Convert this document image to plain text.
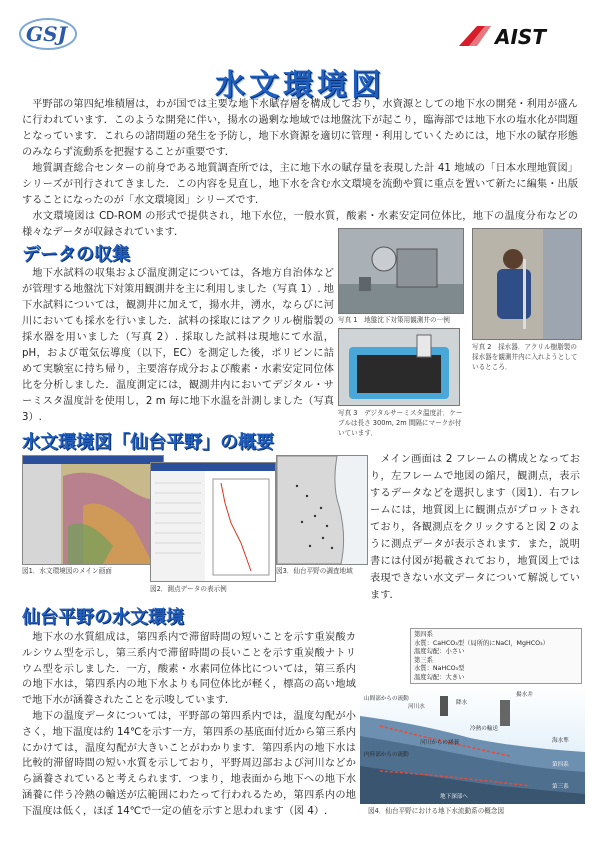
GSJ	AIST
水文環境図

平野部の第四紀堆積層は，わが国では主要な地下水賦存層を構成しており，水資源としての地下水の開発・利用が盛んに行われています．このような開発に伴い，揚水の過剰な地域では地盤沈下が起こり，臨海部では地下水の塩水化が問題となっています．これらの諸問題の発生を予防し，地下水資源を適切に管理・利用していくためには，地下水の賦存形態のみならず流動系を把握することが重要です．

地質調査総合センターの前身である地質調査所では，主に地下水の賦存量を表現した計 41 地域の「日本水理地質図」シリーズが刊行されてきました．この内容を見直し，地下水を含む水文環境を流動や質に重点を置いて新たに編集・出版することになったのが「水文環境図」シリーズです．

水文環境図は CD-ROM の形式で提供され，地下水位，一般水質，酸素・水素安定同位体比，地下の温度分布などの様々なデータが収録されています．

データの収集

地下水試料の収集および温度測定については，各地方自治体などが管理する地盤沈下対策用観測井を主に利用しました（写真 1）. 地下水試料については，観測井に加えて，揚水井，湧水，ならびに河川においても採水を行いました．試料の採取にはアクリル樹脂製の採水器を用いました（写真 2）. 採取した試料は現地にて水温，pH，および電気伝導度（以下，EC）を測定した後，ポリビンに詰めて実験室に持ち帰り，主要溶存成分および酸素・水素安定同位体比を分析しました．温度測定には，観測井内においてデジタル・サーミスタ温度計を使用し，2 m 毎に地下水温を計測しました（写真 3）.

写真 1　地盤沈下対策用観測井の一例
写真 2　採水器．アクリル樹脂製の採水器を観測井内に入れようとしているところ．
写真 3　デジタルサーミスタ温度計．ケーブルは長さ 300m, 2m 間隔にマークが付いています．
水文環境図「仙台平野」の概要
図1．水文環境図のメイン画面
図2．測点データの表示例
図3．仙台平野の調査地域

メイン画面は 2 フレームの構成となっており，左フレームで地図の縮尺，観測点，表示するデータなどを選択します（図1）．右フレームには，地質図上に観測点がプロットされており，各観測点をクリックすると図 2 のように測点データが表示されます．また，説明書には付図が掲載されており，地質図上では表現できない水文データについて解説しています．

仙台平野の水文環境

地下水の水質組成は，第四系内で滞留時間の短いことを示す重炭酸カルシウム型を示し，第三系内で滞留時間の長いことを示す重炭酸ナトリウム型を示しました．一方，酸素・水素同位体比については，第三系内の地下水は，第四系内の地下水よりも同位体比が軽く，標高の高い地域で地下水が涵養されたことを示唆しています．

地下の温度データについては，平野部の第四系内では，温度勾配が小さく，地下温度は約 14℃を示す一方，第四系の基底面付近から第三系内にかけては，温度勾配が大きいことがわかります．第四系内の地下水は比較的滞留時間の短い水質を示しており，平野周辺部および河川などから涵養されていると考えられます．つまり，地表面から地下への地下水涵養に伴う冷熱の輸送が広範囲にわたって行われるため，第四系内の地下温度は低く，ほぼ 14℃で一定の値を示すと思われます（図 4）.

第四系
水質：CaHCO₃型（局所的にNaCl，MgHCO₃）
温度勾配：小さい
第三系
水質：NaHCO₃型
温度勾配：大きい
山間部からの流動
河川水
降水
揚水井
冷熱の輸送
河川からの涵養
内陸部からの流動
地下深部へ
海水準
第四系
第三系
図4．仙台平野における地下水流動系の概念図
